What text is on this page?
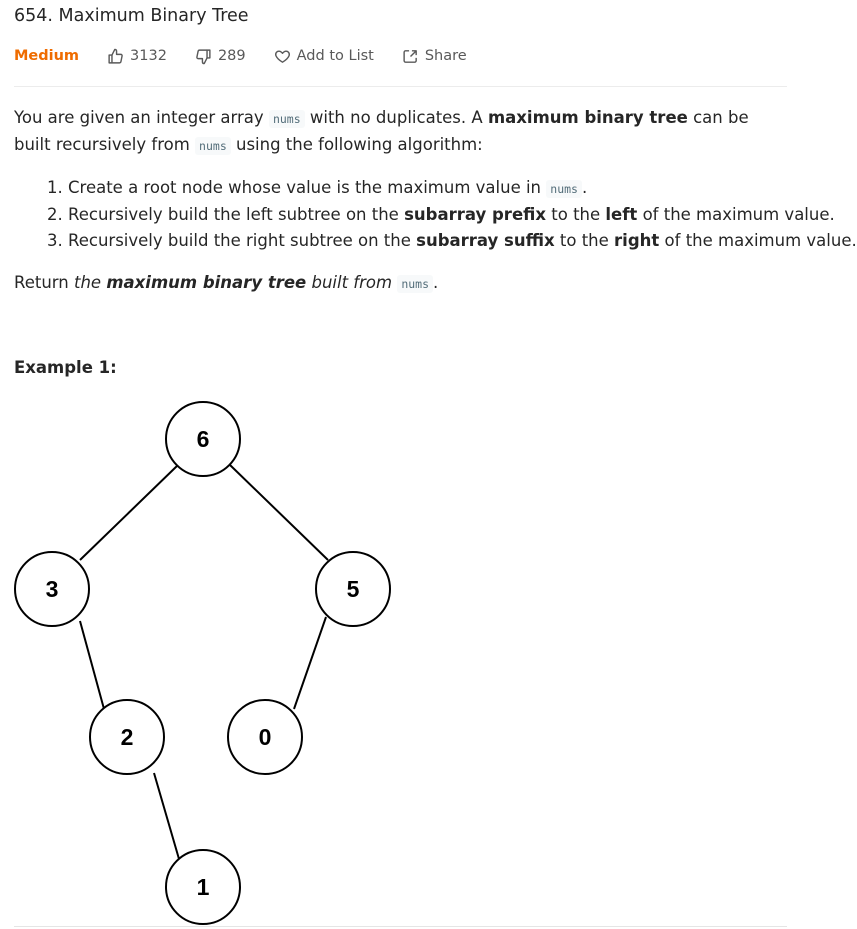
654. Maximum Binary Tree
Medium	3132	289	Add to List	Share
You are given an integer array nums with no duplicates. A maximum binary tree can be built recursively from nums using the following algorithm:
1. Create a root node whose value is the maximum value in nums .
2. Recursively build the left subtree on the subarray prefix to the left of the maximum value.
3. Recursively build the right subtree on the subarray suffix to the right of the maximum value.
Return the maximum binary tree built from nums .
Example 1:
6
3	5
2	0
1
